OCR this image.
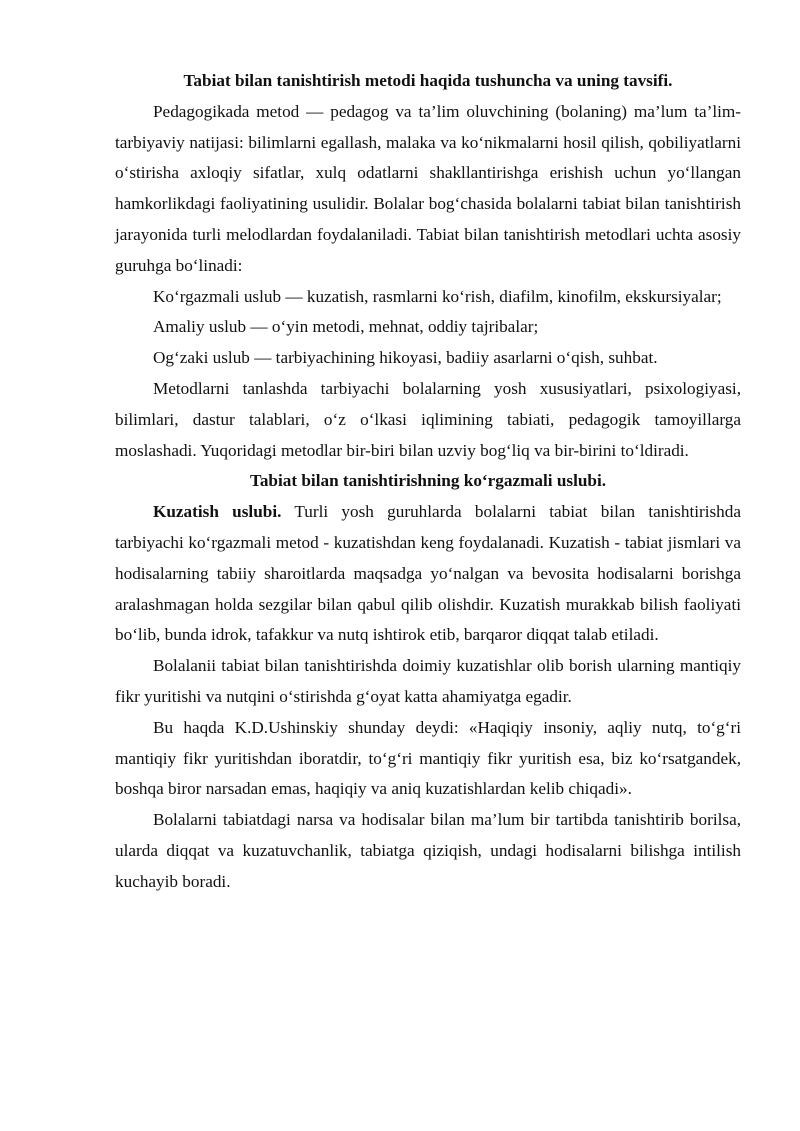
Tabiat bilan tanishtirish metodi haqida tushuncha va uning tavsifi.

Pedagogikada metod — pedagog va ta’lim oluvchining (bolaning) ma’lum ta’lim-tarbiyaviy natijasi: bilimlarni egallash, malaka va ko‘nikmalarni hosil qilish, qobiliyatlarni o‘stirisha axloqiy sifatlar, xulq odatlarni shakllantirishga erishish uchun yo‘llangan hamkorlikdagi faoliyatining usulidir. Bolalar bog‘chasida bolalarni tabiat bilan tanishtirish jarayonida turli melodlardan foydalaniladi. Tabiat bilan tanishtirish metodlari uchta asosiy guruhga bo‘linadi:

Ko‘rgazmali uslub — kuzatish, rasmlarni ko‘rish, diafilm, kinofilm, ekskursiyalar;

Amaliy uslub — o‘yin metodi, mehnat, oddiy tajribalar;

Og‘zaki uslub — tarbiyachining hikoyasi, badiiy asarlarni o‘qish, suhbat.

Metodlarni tanlashda tarbiyachi bolalarning yosh xususiyatlari, psixologiyasi, bilimlari, dastur talablari, o‘z o‘lkasi iqlimining tabiati, pedagogik tamoyillarga moslashadi. Yuqoridagi metodlar bir-biri bilan uzviy bog‘liq va bir-birini to‘ldiradi.

Tabiat bilan tanishtirishning ko‘rgazmali uslubi.

Kuzatish uslubi. Turli yosh guruhlarda bolalarni tabiat bilan tanishtirishda tarbiyachi ko‘rgazmali metod - kuzatishdan keng foydalanadi. Kuzatish - tabiat jismlari va hodisalarning tabiiy sharoitlarda maqsadga yo‘nalgan va bevosita hodisalarni borishga aralashmagan holda sezgilar bilan qabul qilib olishdir. Kuzatish murakkab bilish faoliyati bo‘lib, bunda idrok, tafakkur va nutq ishtirok etib, barqaror diqqat talab etiladi.

Bolalanii tabiat bilan tanishtirishda doimiy kuzatishlar olib borish ularning mantiqiy fikr yuritishi va nutqini o‘stirishda g‘oyat katta ahamiyatga egadir.

Bu haqda K.D.Ushinskiy shunday deydi: «Haqiqiy insoniy, aqliy nutq, to‘g‘ri mantiqiy fikr yuritishdan iboratdir, to‘g‘ri mantiqiy fikr yuritish esa, biz ko‘rsatgandek, boshqa biror narsadan emas, haqiqiy va aniq kuzatishlardan kelib chiqadi».

Bolalarni tabiatdagi narsa va hodisalar bilan ma’lum bir tartibda tanishtirib borilsa, ularda diqqat va kuzatuvchanlik, tabiatga qiziqish, undagi hodisalarni bilishga intilish kuchayib boradi.
